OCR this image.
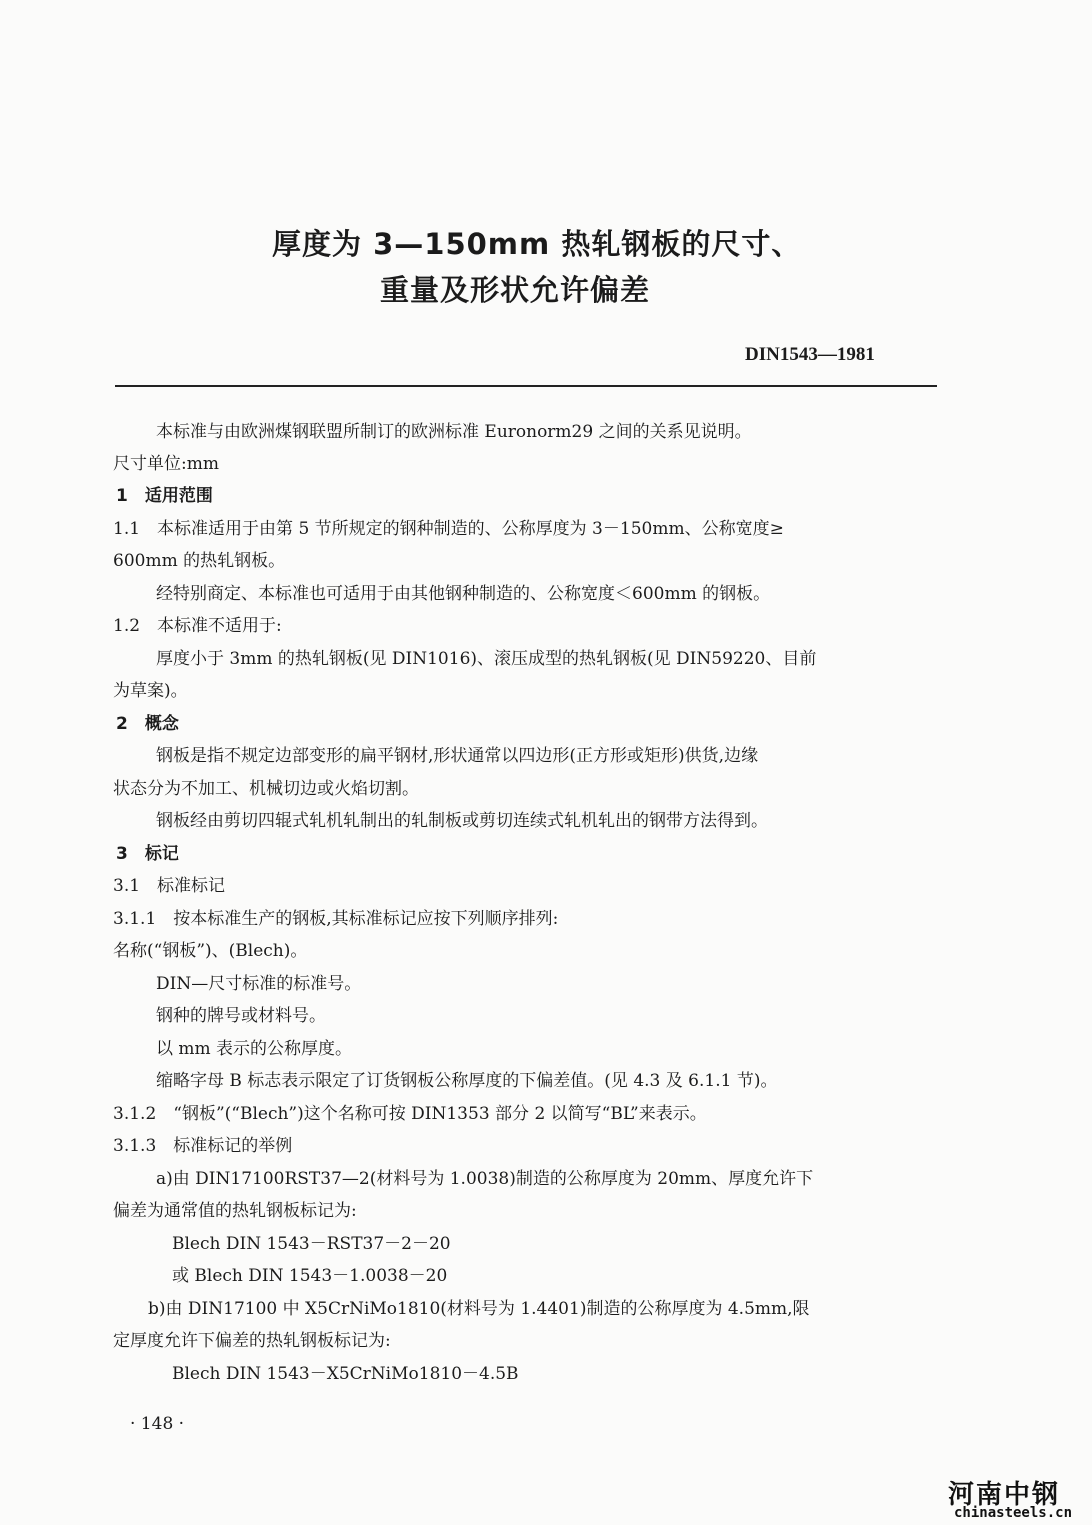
厚度为 3—150mm 热轧钢板的尺寸、
重量及形状允许偏差
DIN1543—1981
本标准与由欧洲煤钢联盟所制订的欧洲标准 Euronorm29 之间的关系见说明。
尺寸单位:mm
1　适用范围
1.1　本标准适用于由第 5 节所规定的钢种制造的、公称厚度为 3－150mm、公称宽度≥
600mm 的热轧钢板。
经特别商定、本标准也可适用于由其他钢种制造的、公称宽度＜600mm 的钢板。
1.2　本标准不适用于:
厚度小于 3mm 的热轧钢板(见 DIN1016)、滚压成型的热轧钢板(见 DIN59220、目前
为草案)。
2　概念
钢板是指不规定边部变形的扁平钢材,形状通常以四边形(正方形或矩形)供货,边缘
状态分为不加工、机械切边或火焰切割。
钢板经由剪切四辊式轧机轧制出的轧制板或剪切连续式轧机轧出的钢带方法得到。
3　标记
3.1　标准标记
3.1.1　按本标准生产的钢板,其标准标记应按下列顺序排列:
名称(“钢板”)、(Blech)。
DIN—尺寸标准的标准号。
钢种的牌号或材料号。
以 mm 表示的公称厚度。
缩略字母 B 标志表示限定了订货钢板公称厚度的下偏差值。(见 4.3 及 6.1.1 节)。
3.1.2　“钢板”(“Blech”)这个名称可按 DIN1353 部分 2 以简写“BL”来表示。
3.1.3　标准标记的举例
a)由 DIN17100RST37—2(材料号为 1.0038)制造的公称厚度为 20mm、厚度允许下
偏差为通常值的热轧钢板标记为:
Blech DIN 1543－RST37－2－20
或 Blech DIN 1543－1.0038－20
b)由 DIN17100 中 X5CrNiMo1810(材料号为 1.4401)制造的公称厚度为 4.5mm,限
定厚度允许下偏差的热轧钢板标记为:
Blech DIN 1543－X5CrNiMo1810－4.5B
· 148 ·
河南中钢
chinasteels.cn
